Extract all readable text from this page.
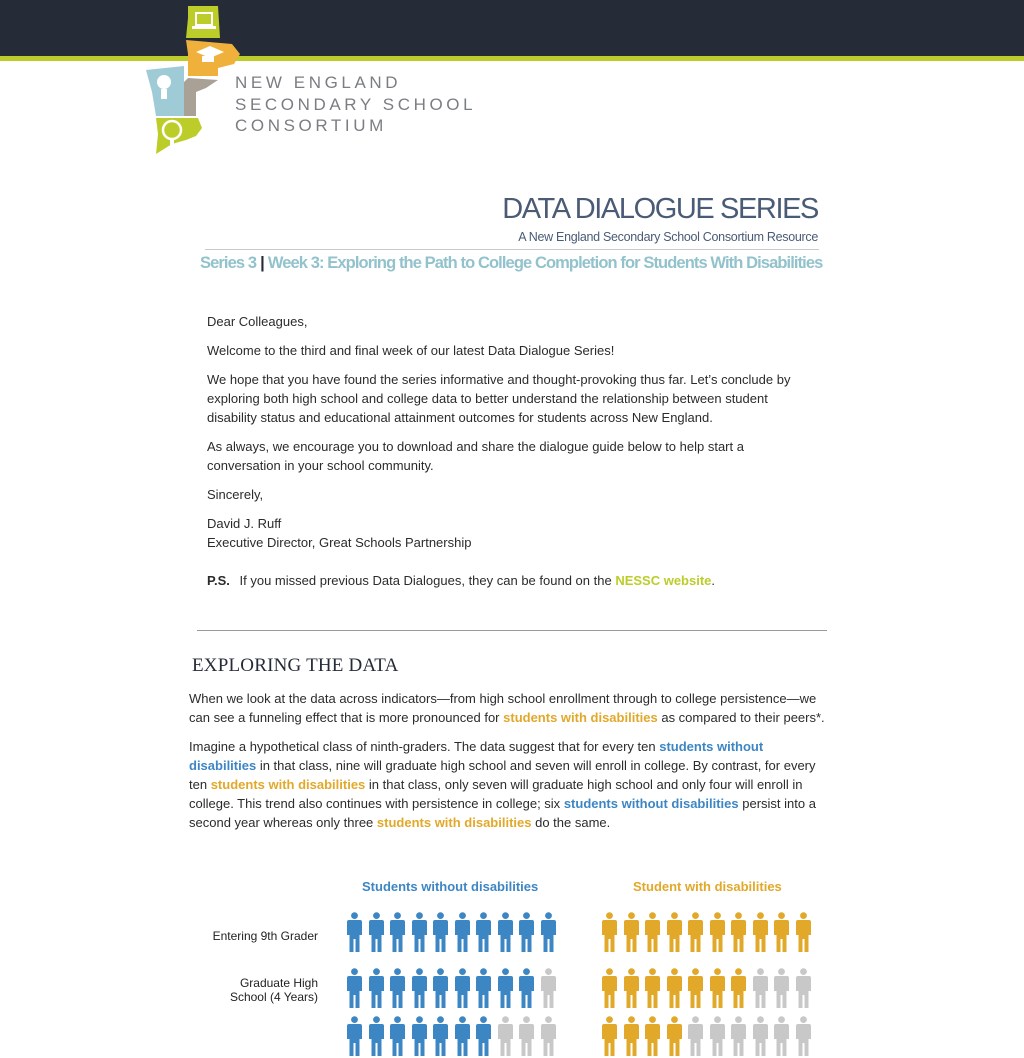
NEW ENGLAND
SECONDARY SCHOOL
CONSORTIUM
DATA DIALOGUE SERIES
A New England Secondary School Consortium Resource
Series 3 | Week 3: Exploring the Path to College Completion for Students With Disabilities

Dear Colleagues,

Welcome to the third and final week of our latest Data Dialogue Series!

We hope that you have found the series informative and thought-provoking thus far. Let’s conclude by exploring both high school and college data to better understand the relationship between student disability status and educational attainment outcomes for students across New England.

As always, we encourage you to download and share the dialogue guide below to help start a conversation in your school community.

Sincerely,

David J. Ruff
Executive Director, Great Schools Partnership

P.S. If you missed previous Data Dialogues, they can be found on the NESSC website.
EXPLORING THE DATA

When we look at the data across indicators—from high school enrollment through to college persistence—we can see a funneling effect that is more pronounced for students with disabilities as compared to their peers*.

Imagine a hypothetical class of ninth-graders. The data suggest that for every ten students without disabilities in that class, nine will graduate high school and seven will enroll in college. By contrast, for every ten students with disabilities in that class, only seven will graduate high school and only four will enroll in college. This trend also continues with persistence in college; six students without disabilities persist into a second year whereas only three students with disabilities do the same.

Students without disabilities	Student with disabilities
Entering 9th Grader
Graduate High
School (4 Years)
